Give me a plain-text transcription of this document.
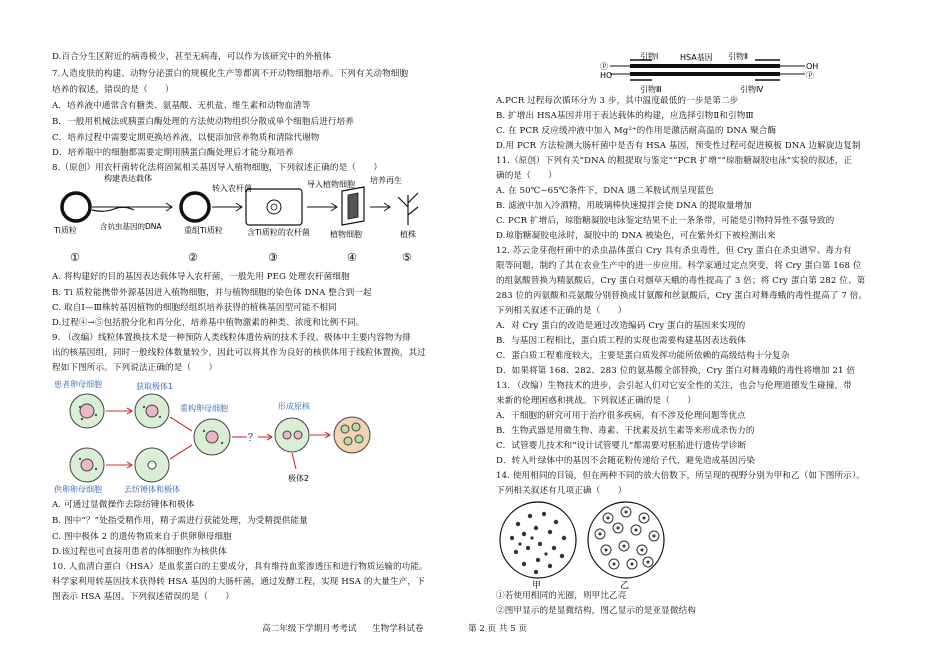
D.百合分生区附近的病毒极少，甚至无病毒，可以作为该研究中的外植体
7.人造皮肤的构建、动物分泌蛋白的规模化生产等都离不开动物细胞培养。下列有关动物细胞
培养的叙述，错误的是（　　）
A．培养液中通常含有糖类、氨基酸、无机盐、维生素和动物血清等
B．一般用机械法或胰蛋白酶处理的方法使动物组织分散成单个细胞后进行培养
C．培养过程中需要定期更换培养液，以便添加营养物质和清除代谢物
D．培养瓶中的细胞都需要定期用胰蛋白酶处理后才能分瓶培养
8.（原创）用农杆菌转化法将固氮相关基因导入植物细胞，下列叙述正确的是（　　）
构建表达载体
Ti质粒	含抗虫基因的DNA	重组Ti质粒
转入农杆菌
含Ti质粒的农杆菌
导入植物细胞
植物细胞
培养再生
植株
①	②	③	④	⑤
A. 将构建好的目的基因表达载体导入农杆菌，一般先用 PEG 处理农杆菌细胞
B. Ti 质粒能携带外源基因进入植物细胞，并与植物细胞的染色体 DNA 整合到一起
C. 取自Ⅰ—Ⅲ株转基因植物的细胞经组织培养获得的植株基因型可能不相同
D.过程④→⑤包括脱分化和再分化，培养基中植物激素的种类、浓度和比例不同。
9. （改编）线粒体置换技术是一种预防人类线粒体遗传病的技术手段。极体中主要内容物为排
出的核基因组，同时一般线粒体数量较少，因此可以将其作为良好的核供体用于线粒体置换，其过
程如下图所示。下列说法正确的是（　　）
患者卵母细胞	获取极体1
重构卵母细胞	形成原核
？
极体2
供卵卵母细胞	去纺锤体和极体
A. 可通过显微操作去除纺锤体和极体
B. 图中“？”处指受精作用，精子需进行获能处理，为受精提供能量
C. 图中极体 2 的遗传物质来自于供卵卵母细胞
D.该过程也可直接用患者的体细胞作为核供体
10. 人血清白蛋白（HSA）是血浆蛋白的主要成分，具有维持血浆渗透压和进行物质运输的功能。
科学家利用转基因技术获得转 HSA 基因的大肠杆菌，通过发酵工程，实现 HSA 的大量生产，下
图表示 HSA 基因。下列叙述错误的是（　　）
引物Ⅰ	HSA基因 引物Ⅱ
引物Ⅲ	引物Ⅳ
Ⓟ
HO
OH
Ⓟ
A.PCR 过程每次循环分为 3 步，其中温度最低的一步是第二步
B. 扩增出 HSA基因并用于表达载体的构建，应选择引物Ⅱ和引物Ⅲ
C. 在 PCR 反应缓冲液中加入 Mg²⁺的作用是激活耐高温的 DNA 聚合酶
D.用 PCR 方法检测大肠杆菌中是否有 HSA 基因，预变性过程可促进模板 DNA 边解旋边复制
11.（原创）下列有关“DNA 的粗提取与鉴定”“PCR 扩增”“琼脂糖凝胶电泳”实验的叙述，正
确的是（　　）
A. 在 50℃~65℃条件下，DNA 遇二苯胺试剂呈现蓝色
B. 滤液中加入冷酒精，用玻璃棒快速搅拌会使 DNA 的提取量增加
C. PCR 扩增后，琼脂糖凝胶电泳鉴定结果不止一条条带，可能是引物特异性不强导致的
D.琼脂糖凝胶电泳时，凝胶中的 DNA 被染色，可在紫外灯下被检测出来
12. 苏云金芽孢杆菌中的杀虫晶体蛋白 Cry 具有杀虫毒性，但 Cry 蛋白在杀虫谱窄、毒力有
限等问题，制约了其在农业生产中的进一步应用。科学家通过定点突变，将 Cry 蛋白第 168 位
的组氨酸替换为精氨酸后，Cry 蛋白对烟草天蛾的毒性提高了 3 倍；将 Cry 蛋白第 282 位、第
283 位的丙氨酸和亮氨酸分别替换成甘氨酸和丝氨酸后，Cry 蛋白对舞毒蛾的毒性提高了 7 倍。
下列相关叙述不正确的是（　　）
A．对 Cry 蛋白的改造是通过改造编码 Cry 蛋白的基因来实现的
B．与基因工程相比，蛋白质工程的实现也需要构建基因表达载体
C．蛋白质工程难度较大，主要是蛋白质发挥功能所依赖的高级结构十分复杂
D．如果将第 168、282、283 位的氨基酸全部替换，Cry 蛋白对舞毒蛾的毒性将增加 21 倍
13. （改编）生物技术的进步，会引起人们对它安全性的关注，也会与伦理道德发生碰撞，带
来新的伦理困惑和挑战。下列叙述正确的是（　　）
A．干细胞的研究可用于治疗很多疾病，有不涉及伦理问题等优点
B．生物武器是用微生物、毒素、干扰素及抗生素等来形成杀伤力的
C．试管婴儿技术和“设计试管婴儿”都需要对胚胎进行遗传学诊断
D．转入叶绿体中的基因不会随花粉传递给子代，避免造成基因污染
14. 使用相同的目镜，但在两种不同的放大倍数下，所呈现的视野分别为甲和乙（如下图所示）。
下列相关叙述有几项正确（　　）
甲	乙
①若使用相同的光圈，则甲比乙亮
②图甲显示的是显微结构，图乙显示的是亚显微结构
高二年级下学期月考考试 生物学科试卷	第 2 页 共 5 页
